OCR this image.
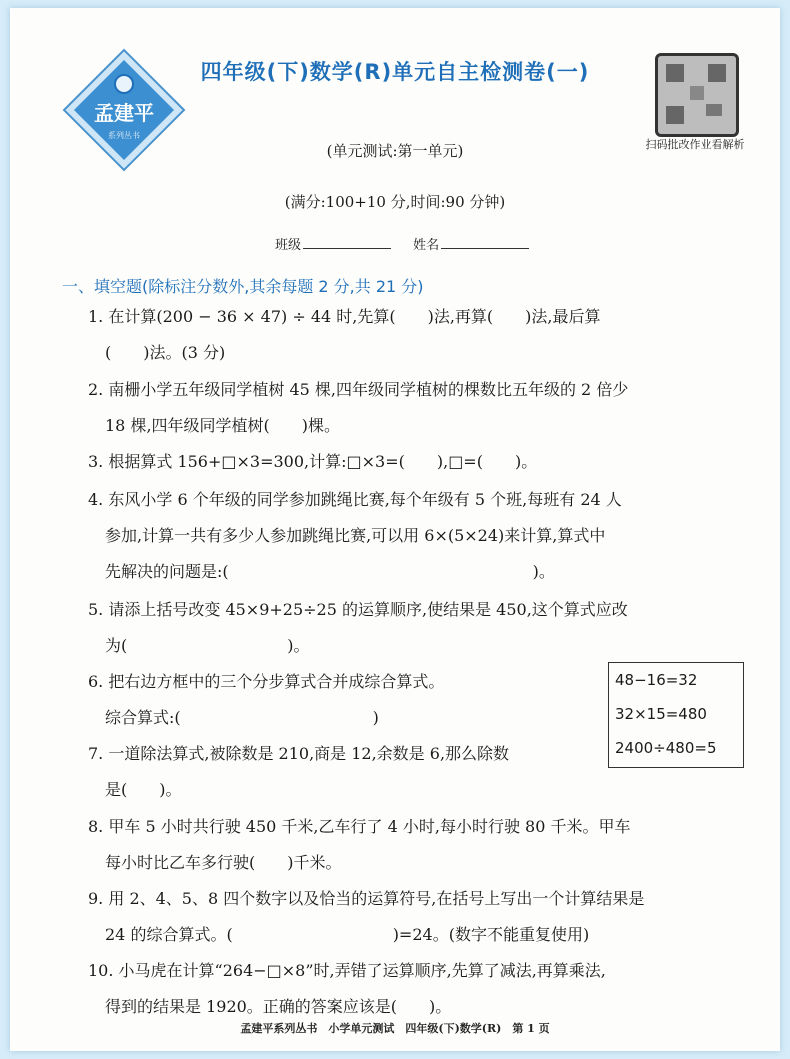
孟建平
系列丛书
四年级(下)数学(R)单元自主检测卷(一)
扫码批改作业看解析
(单元测试:第一单元)
(满分:100+10 分,时间:90 分钟)
班级	姓名
一、填空题(除标注分数外,其余每题 2 分,共 21 分)
1. 在计算(200 − 36 × 47) ÷ 44 时,先算(　　)法,再算(　　)法,最后算
(　　)法。(3 分)
2. 南栅小学五年级同学植树 45 棵,四年级同学植树的棵数比五年级的 2 倍少
18 棵,四年级同学植树(　　)棵。
3. 根据算式 156+□×3=300,计算:□×3=(　　),□=(　　)。
4. 东风小学 6 个年级的同学参加跳绳比赛,每个年级有 5 个班,每班有 24 人
参加,计算一共有多少人参加跳绳比赛,可以用 6×(5×24)来计算,算式中
先解决的问题是:(　　　　　　　　　　　　　　　　　　　)。
5. 请添上括号改变 45×9+25÷25 的运算顺序,使结果是 450,这个算式应改
为(　　　　　　　　　　)。
6. 把右边方框中的三个分步算式合并成综合算式。
综合算式:(　　　　　　　　　　　　)
7. 一道除法算式,被除数是 210,商是 12,余数是 6,那么除数
是(　　)。
8. 甲车 5 小时共行驶 450 千米,乙车行了 4 小时,每小时行驶 80 千米。甲车
每小时比乙车多行驶(　　)千米。
9. 用 2、4、5、8 四个数字以及恰当的运算符号,在括号上写出一个计算结果是
24 的综合算式。(　　　　　　　　　　)=24。(数字不能重复使用)
10. 小马虎在计算“264−□×8”时,弄错了运算顺序,先算了减法,再算乘法,
得到的结果是 1920。正确的答案应该是(　　)。
48−16=32
32×15=480
2400÷480=5
孟建平系列丛书　小学单元测试　四年级(下)数学(R)　第 1 页
